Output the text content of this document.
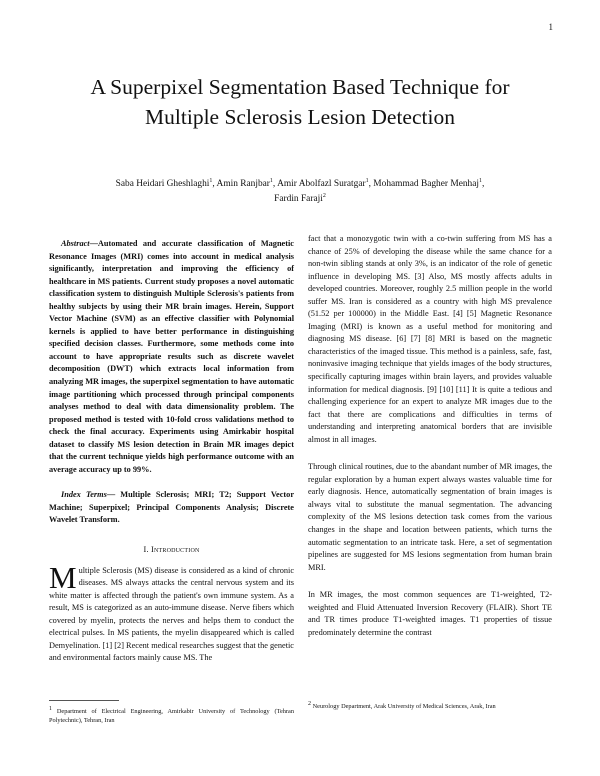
1
A Superpixel Segmentation Based Technique for
Multiple Sclerosis Lesion Detection
Saba Heidari Gheshlaghi$^1$, Amin Ranjbar$^1$, Amir Abolfazl Suratgar$^1$, Mohammad Bagher Menhaj$^1$,
Fardin Faraji$^2$

Abstract—Automated and accurate classification of Magnetic Resonance Images (MRI) comes into account in medical analysis significantly, interpretation and improving the efficiency of healthcare in MS patients. Current study proposes a novel automatic classification system to distinguish Multiple Sclerosis's patients from healthy subjects by using their MR brain images. Herein, Support Vector Machine (SVM) as an effective classifier with Polynomial kernels is applied to have better performance in distinguishing specified decision classes. Furthermore, some methods come into account to have appropriate results such as discrete wavelet decomposition (DWT) which extracts local information from analyzing MR images, the superpixel segmentation to have automatic image partitioning which processed through principal components analyses method to deal with data dimensionality problem. The proposed method is tested with 10-fold cross validations method to check the final accuracy. Experiments using Amirkabir hospital dataset to classify MS lesion detection in Brain MR images depict that the current technique yields high performance outcome with an average accuracy up to 99%.

Index Terms— Multiple Sclerosis; MRI; T2; Support Vector Machine; Superpixel; Principal Components Analysis; Discrete Wavelet Transform.

I. Introduction

Multiple Sclerosis (MS) disease is considered as a kind of chronic diseases. MS always attacks the central nervous system and its white matter is affected through the patient's own immune system. As a result, MS is categorized as an auto-immune disease. Nerve fibers which covered by myelin, protects the nerves and helps them to conduct the electrical pulses. In MS patients, the myelin disappeared which is called Demyelination. [1] [2] Recent medical researches suggest that the genetic and environmental factors mainly cause MS. The

$^1$ Department of Electrical Engineering, Amirkabir University of Technology (Tehran Polytechnic), Tehran, Iran

fact that a monozygotic twin with a co-twin suffering from MS has a chance of 25% of developing the disease while the same chance for a non-twin sibling stands at only 3%, is an indicator of the role of genetic influence in developing MS. [3] Also, MS mostly affects adults in developed countries. Moreover, roughly 2.5 million people in the world suffer MS. Iran is considered as a country with high MS prevalence (51.52 per 100000) in the Middle East. [4] [5] Magnetic Resonance Imaging (MRI) is known as a useful method for monitoring and diagnosing MS disease. [6] [7] [8] MRI is based on the magnetic characteristics of the imaged tissue. This method is a painless, safe, fast, noninvasive imaging technique that yields images of the body structures, specifically capturing images within brain layers, and provides valuable information for medical diagnosis. [9] [10] [11] It is quite a tedious and challenging experience for an expert to analyze MR images due to the fact that there are complications and difficulties in terms of understanding and interpreting anatomical borders that are invisible almost in all images.

Through clinical routines, due to the abandant number of MR images, the regular exploration by a human expert always wastes valuable time for early diagnosis. Hence, automatically segmentation of brain images is always vital to substitute the manual segmentation. The advancing complexity of the MS lesions detection task comes from the various changes in the shape and location between patients, which turns the automatic segmentation to an intricate task. Here, a set of segmentation pipelines are suggested for MS lesions segmentation from human brain MRI.

In MR images, the most common sequences are T1-weighted, T2-weighted and Fluid Attenuated Inversion Recovery (FLAIR). Short TE and TR times produce T1-weighted images. T1 properties of tissue predominately determine the contrast

$^2$ Neurology Department, Arak University of Medical Sciences, Arak, Iran
